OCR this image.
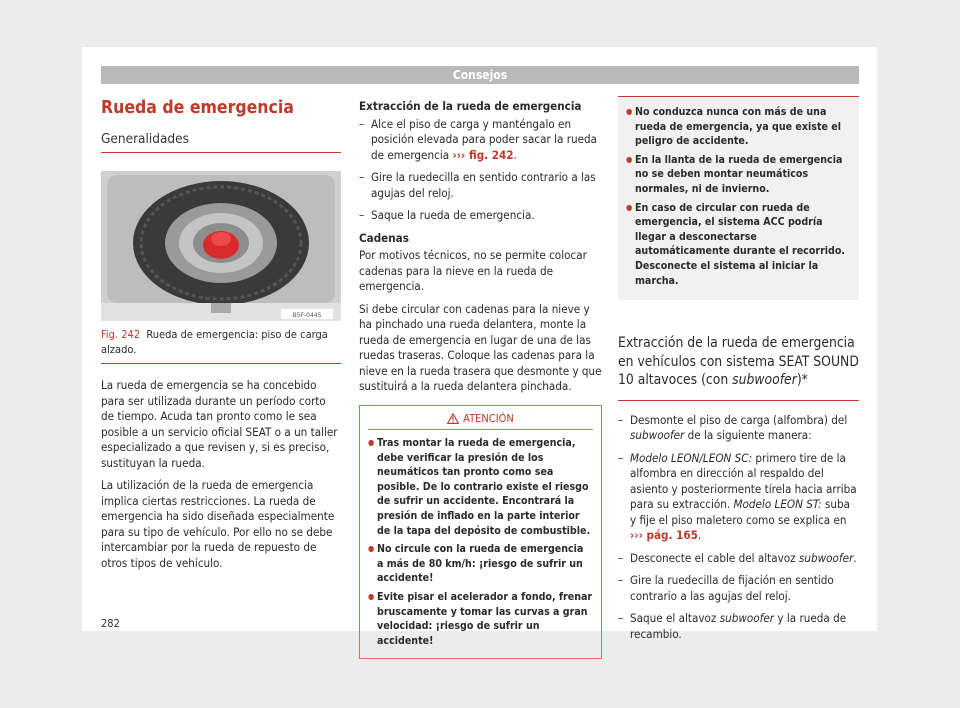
Consejos
Rueda de emergencia
Generalidades
B5F-0445
Fig. 242 Rueda de emergencia: piso de carga alzado.

La rueda de emergencia se ha concebido para ser utilizada durante un período corto de tiempo. Acuda tan pronto como le sea posible a un servicio oficial SEAT o a un taller especializado a que revisen y, si es preciso, sustituyan la rueda.

La utilización de la rueda de emergencia implica ciertas restricciones. La rueda de emergencia ha sido diseñada especialmente para su tipo de vehículo. Por ello no se debe intercambiar por la rueda de repuesto de otros tipos de vehículo.

Extracción de la rueda de emergencia
– Alce el piso de carga y manténgalo en posición elevada para poder sacar la rueda de emergencia ››› fig. 242.
– Gire la ruedecilla en sentido contrario a las agujas del reloj.
– Saque la rueda de emergencia.
Cadenas

Por motivos técnicos, no se permite colocar cadenas para la nieve en la rueda de emergencia.

Si debe circular con cadenas para la nieve y ha pinchado una rueda delantera, monte la rueda de emergencia en lugar de una de las ruedas traseras. Coloque las cadenas para la nieve en la rueda trasera que desmonte y que sustituirá a la rueda delantera pinchada.

ATENCIÓN
● Tras montar la rueda de emergencia, debe verificar la presión de los neumáticos tan pronto como sea posible. De lo contrario existe el riesgo de sufrir un accidente. Encontrará la presión de inflado en la parte interior de la tapa del depósito de combustible.
● No circule con la rueda de emergencia a más de 80 km/h: ¡riesgo de sufrir un accidente!
● Evite pisar el acelerador a fondo, frenar bruscamente y tomar las curvas a gran velocidad: ¡riesgo de sufrir un accidente!
● No conduzca nunca con más de una rueda de emergencia, ya que existe el peligro de accidente.
● En la llanta de la rueda de emergencia no se deben montar neumáticos normales, ni de invierno.
● En caso de circular con rueda de emergencia, el sistema ACC podría llegar a desconectarse automáticamente durante el recorrido. Desconecte el sistema al iniciar la marcha.
Extracción de la rueda de emergencia en vehículos con sistema SEAT SOUND 10 altavoces (con subwoofer)*
– Desmonte el piso de carga (alfombra) del subwoofer de la siguiente manera:
– Modelo LEON/LEON SC: primero tire de la alfombra en dirección al respaldo del asiento y posteriormente tírela hacia arriba para su extracción. Modelo LEON ST: suba y fije el piso maletero como se explica en
››› pág. 165.
– Desconecte el cable del altavoz subwoofer.
– Gire la ruedecilla de fijación en sentido contrario a las agujas del reloj.
– Saque el altavoz subwoofer y la rueda de recambio.
282
